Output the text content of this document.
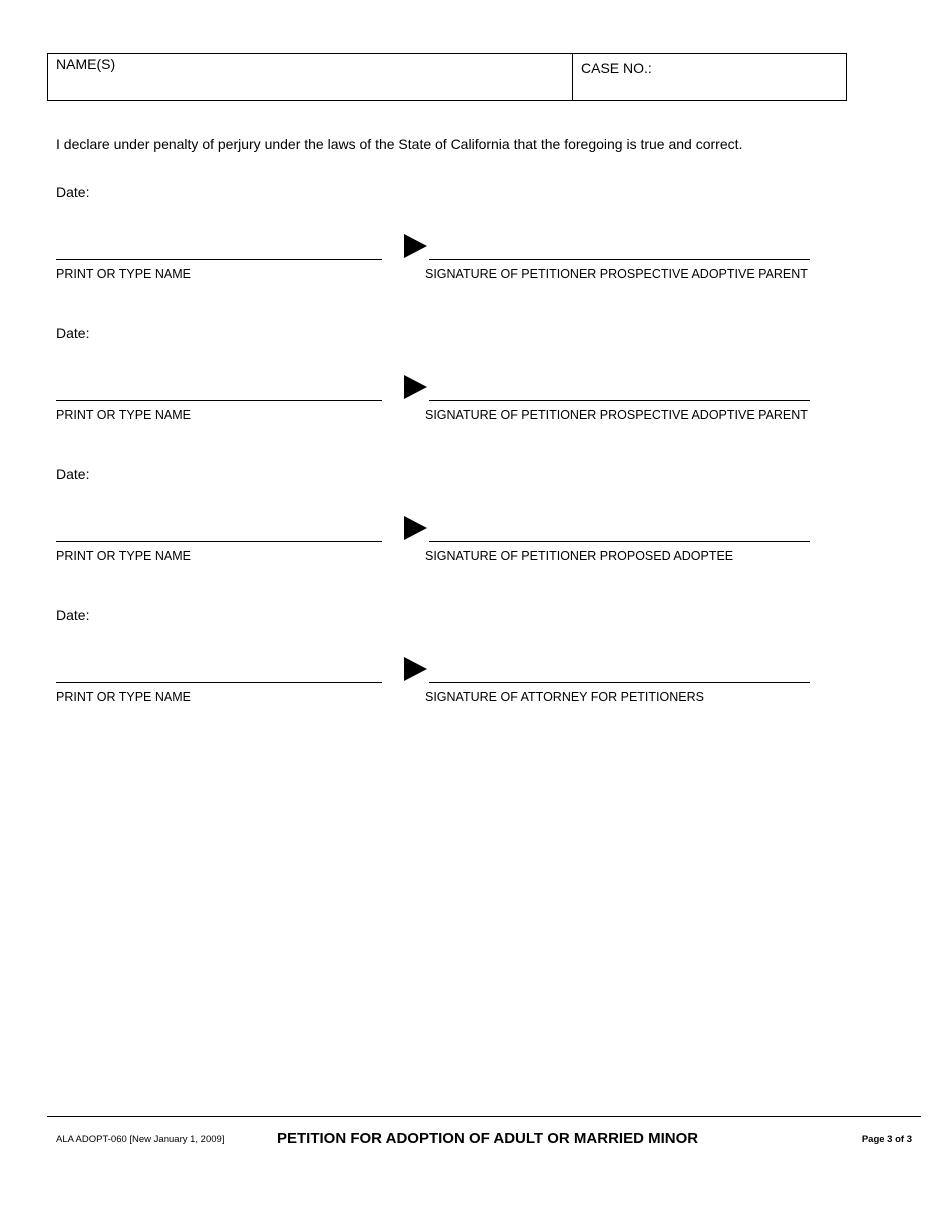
NAME(S)	CASE NO.:
I declare under penalty of perjury under the laws of the State of California that the foregoing is true and correct.
Date:
PRINT OR TYPE NAME	SIGNATURE OF PETITIONER PROSPECTIVE ADOPTIVE PARENT
Date:
PRINT OR TYPE NAME	SIGNATURE OF PETITIONER PROSPECTIVE ADOPTIVE PARENT
Date:
PRINT OR TYPE NAME	SIGNATURE OF PETITIONER PROPOSED ADOPTEE
Date:
PRINT OR TYPE NAME	SIGNATURE OF ATTORNEY FOR PETITIONERS
ALA ADOPT-060 [New January 1, 2009]	PETITION FOR ADOPTION OF ADULT OR MARRIED MINOR	Page 3 of 3
